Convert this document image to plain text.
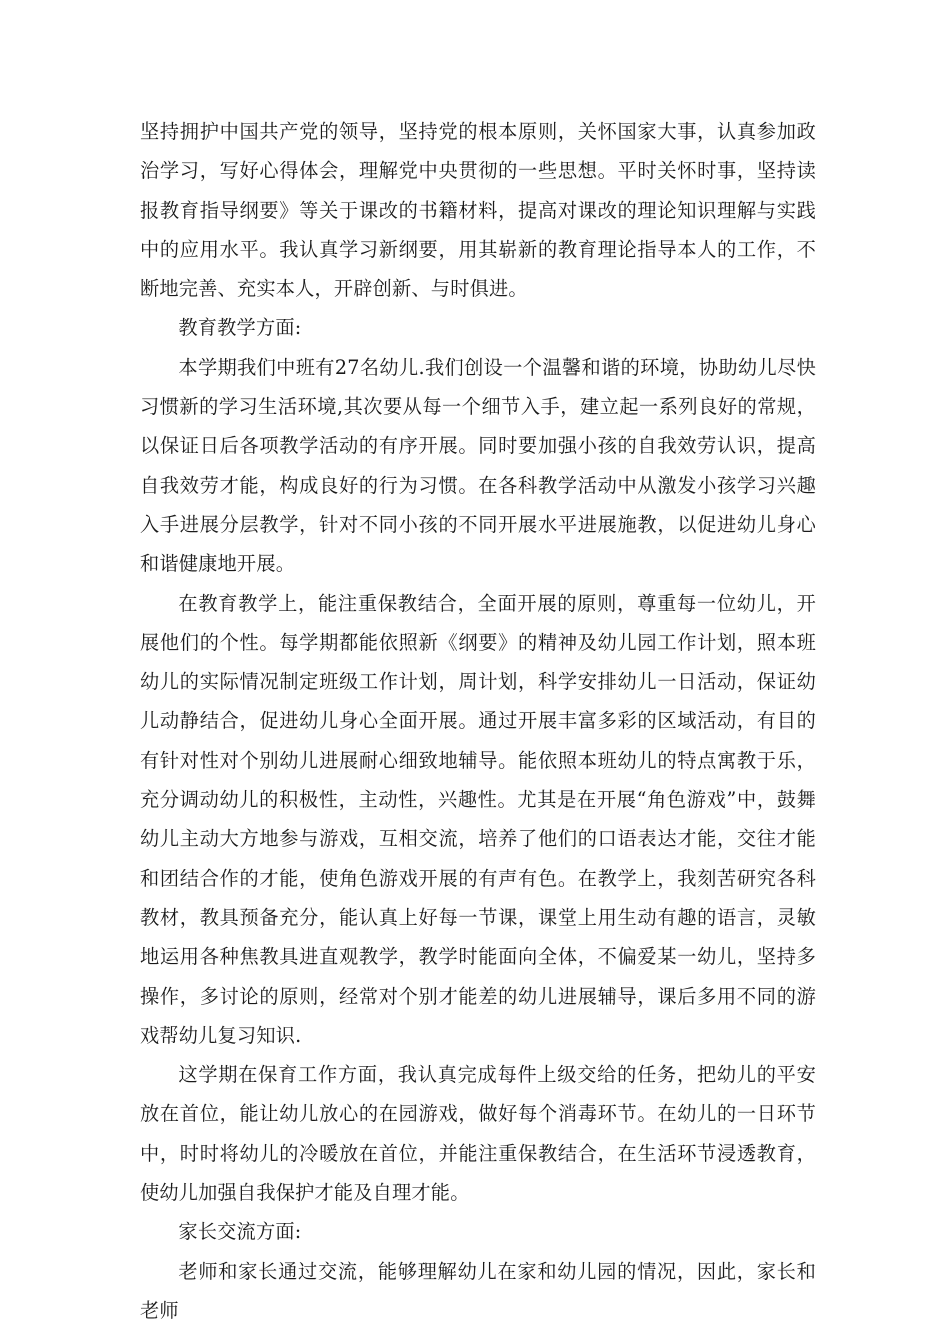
坚持拥护中国共产党的领导，坚持党的根本原则，关怀国家大事，认真参加政治学习，写好心得体会，理解党中央贯彻的一些思想。平时关怀时事，坚持读报教育指导纲要》等关于课改的书籍材料，提高对课改的理论知识理解与实践中的应用水平。我认真学习新纲要，用其崭新的教育理论指导本人的工作，不断地完善、充实本人，开辟创新、与时俱进。

教育教学方面:

本学期我们中班有27名幼儿.我们创设一个温馨和谐的环境，协助幼儿尽快习惯新的学习生活环境,其次要从每一个细节入手，建立起一系列良好的常规，以保证日后各项教学活动的有序开展。同时要加强小孩的自我效劳认识，提高自我效劳才能，构成良好的行为习惯。在各科教学活动中从激发小孩学习兴趣入手进展分层教学，针对不同小孩的不同开展水平进展施教，以促进幼儿身心和谐健康地开展。

在教育教学上，能注重保教结合，全面开展的原则，尊重每一位幼儿，开展他们的个性。每学期都能依照新《纲要》的精神及幼儿园工作计划，照本班幼儿的实际情况制定班级工作计划，周计划，科学安排幼儿一日活动，保证幼儿动静结合，促进幼儿身心全面开展。通过开展丰富多彩的区域活动，有目的有针对性对个别幼儿进展耐心细致地辅导。能依照本班幼儿的特点寓教于乐，充分调动幼儿的积极性，主动性，兴趣性。尤其是在开展“角色游戏”中，鼓舞幼儿主动大方地参与游戏，互相交流，培养了他们的口语表达才能，交往才能和团结合作的才能，使角色游戏开展的有声有色。在教学上，我刻苦研究各科教材，教具预备充分，能认真上好每一节课，课堂上用生动有趣的语言，灵敏地运用各种焦教具进直观教学，教学时能面向全体，不偏爱某一幼儿，坚持多操作，多讨论的原则，经常对个别才能差的幼儿进展辅导，课后多用不同的游戏帮幼儿复习知识.

这学期在保育工作方面，我认真完成每件上级交给的任务，把幼儿的平安放在首位，能让幼儿放心的在园游戏，做好每个消毒环节。在幼儿的一日环节中，时时将幼儿的冷暖放在首位，并能注重保教结合，在生活环节浸透教育，使幼儿加强自我保护才能及自理才能。

家长交流方面:

老师和家长通过交流，能够理解幼儿在家和幼儿园的情况，因此，家长和老师
